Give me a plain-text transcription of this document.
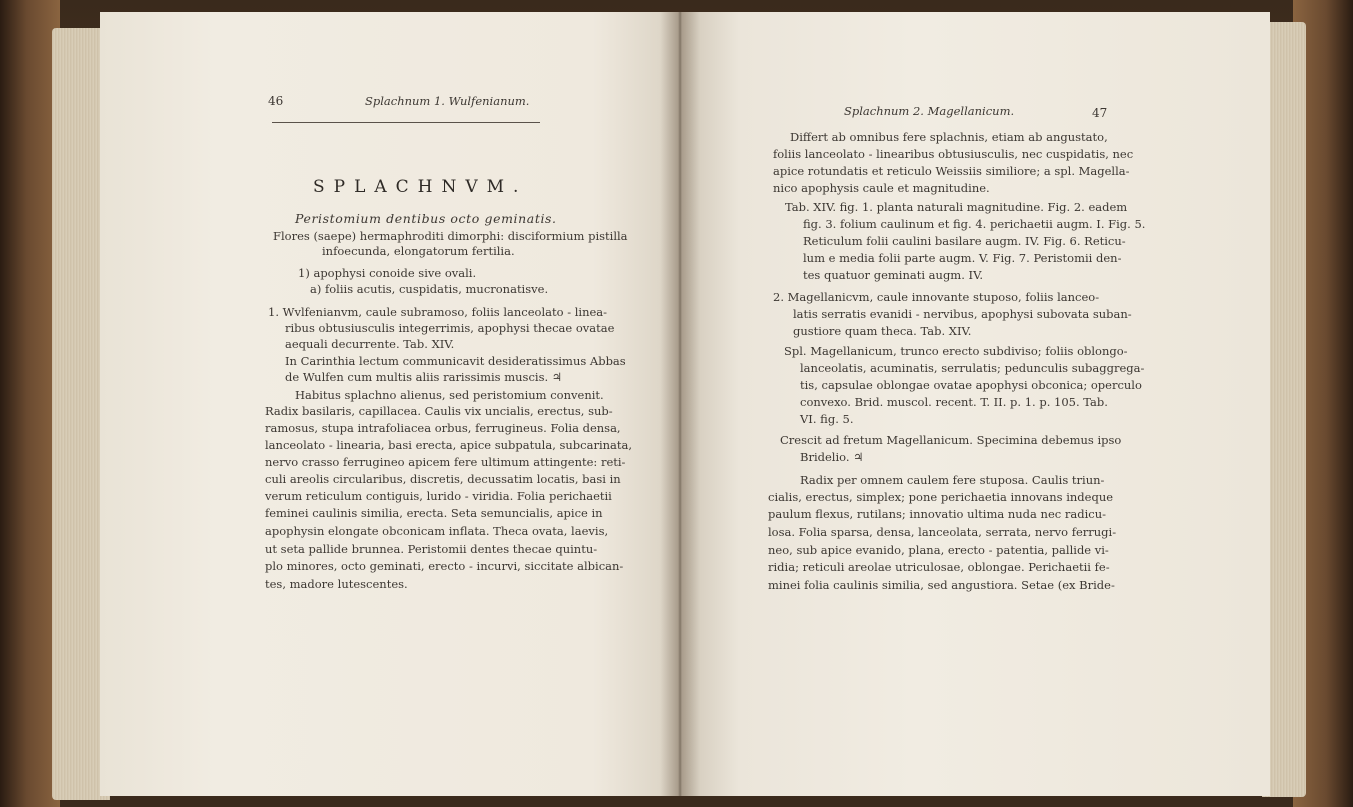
46	Splachnum 1. Wulfenianum.
SPLACHNVM.
Peristomium dentibus octo geminatis.
Flores (saepe) hermaphroditi dimorphi: disciformium pistilla
infoecunda, elongatorum fertilia.
1) apophysi conoide sive ovali.
a) foliis acutis, cuspidatis, mucronatisve.
1. Wvlfenianvm, caule subramoso, foliis lanceolato - linea-
ribus obtusiusculis integerrimis, apophysi thecae ovatae
aequali decurrente. Tab. XIV.
In Carinthia lectum communicavit desideratissimus Abbas
de Wulfen cum multis aliis rarissimis muscis. ♃
Habitus splachno alienus, sed peristomium convenit.
Radix basilaris, capillacea. Caulis vix uncialis, erectus, sub-
ramosus, stupa intrafoliacea orbus, ferrugineus. Folia densa,
lanceolato - linearia, basi erecta, apice subpatula, subcarinata,
nervo crasso ferrugineo apicem fere ultimum attingente: reti-
culi areolis circularibus, discretis, decussatim locatis, basi in
verum reticulum contiguis, lurido - viridia. Folia perichaetii
feminei caulinis similia, erecta. Seta semuncialis, apice in
apophysin elongate obconicam inflata. Theca ovata, laevis,
ut seta pallide brunnea. Peristomii dentes thecae quintu-
plo minores, octo geminati, erecto - incurvi, siccitate albican-
tes, madore lutescentes.
Splachnum 2. Magellanicum.	47
Differt ab omnibus fere splachnis, etiam ab angustato,
foliis lanceolato - linearibus obtusiusculis, nec cuspidatis, nec
apice rotundatis et reticulo Weissiis similiore; a spl. Magella-
nico apophysis caule et magnitudine.
Tab. XIV. fig. 1. planta naturali magnitudine. Fig. 2. eadem
fig. 3. folium caulinum et fig. 4. perichaetii augm. I. Fig. 5.
Reticulum folii caulini basilare augm. IV. Fig. 6. Reticu-
lum e media folii parte augm. V. Fig. 7. Peristomii den-
tes quatuor geminati augm. IV.
2. Magellanicvm, caule innovante stuposo, foliis lanceo-
latis serratis evanidi - nervibus, apophysi subovata suban-
gustiore quam theca. Tab. XIV.
Spl. Magellanicum, trunco erecto subdiviso; foliis oblongo-
lanceolatis, acuminatis, serrulatis; pedunculis subaggrega-
tis, capsulae oblongae ovatae apophysi obconica; operculo
convexo. Brid. muscol. recent. T. II. p. 1. p. 105. Tab.
VI. fig. 5.
Crescit ad fretum Magellanicum. Specimina debemus ipso
Bridelio. ♃
Radix per omnem caulem fere stuposa. Caulis triun-
cialis, erectus, simplex; pone perichaetia innovans indeque
paulum flexus, rutilans; innovatio ultima nuda nec radicu-
losa. Folia sparsa, densa, lanceolata, serrata, nervo ferrugi-
neo, sub apice evanido, plana, erecto - patentia, pallide vi-
ridia; reticuli areolae utriculosae, oblongae. Perichaetii fe-
minei folia caulinis similia, sed angustiora. Setae (ex Bride-
